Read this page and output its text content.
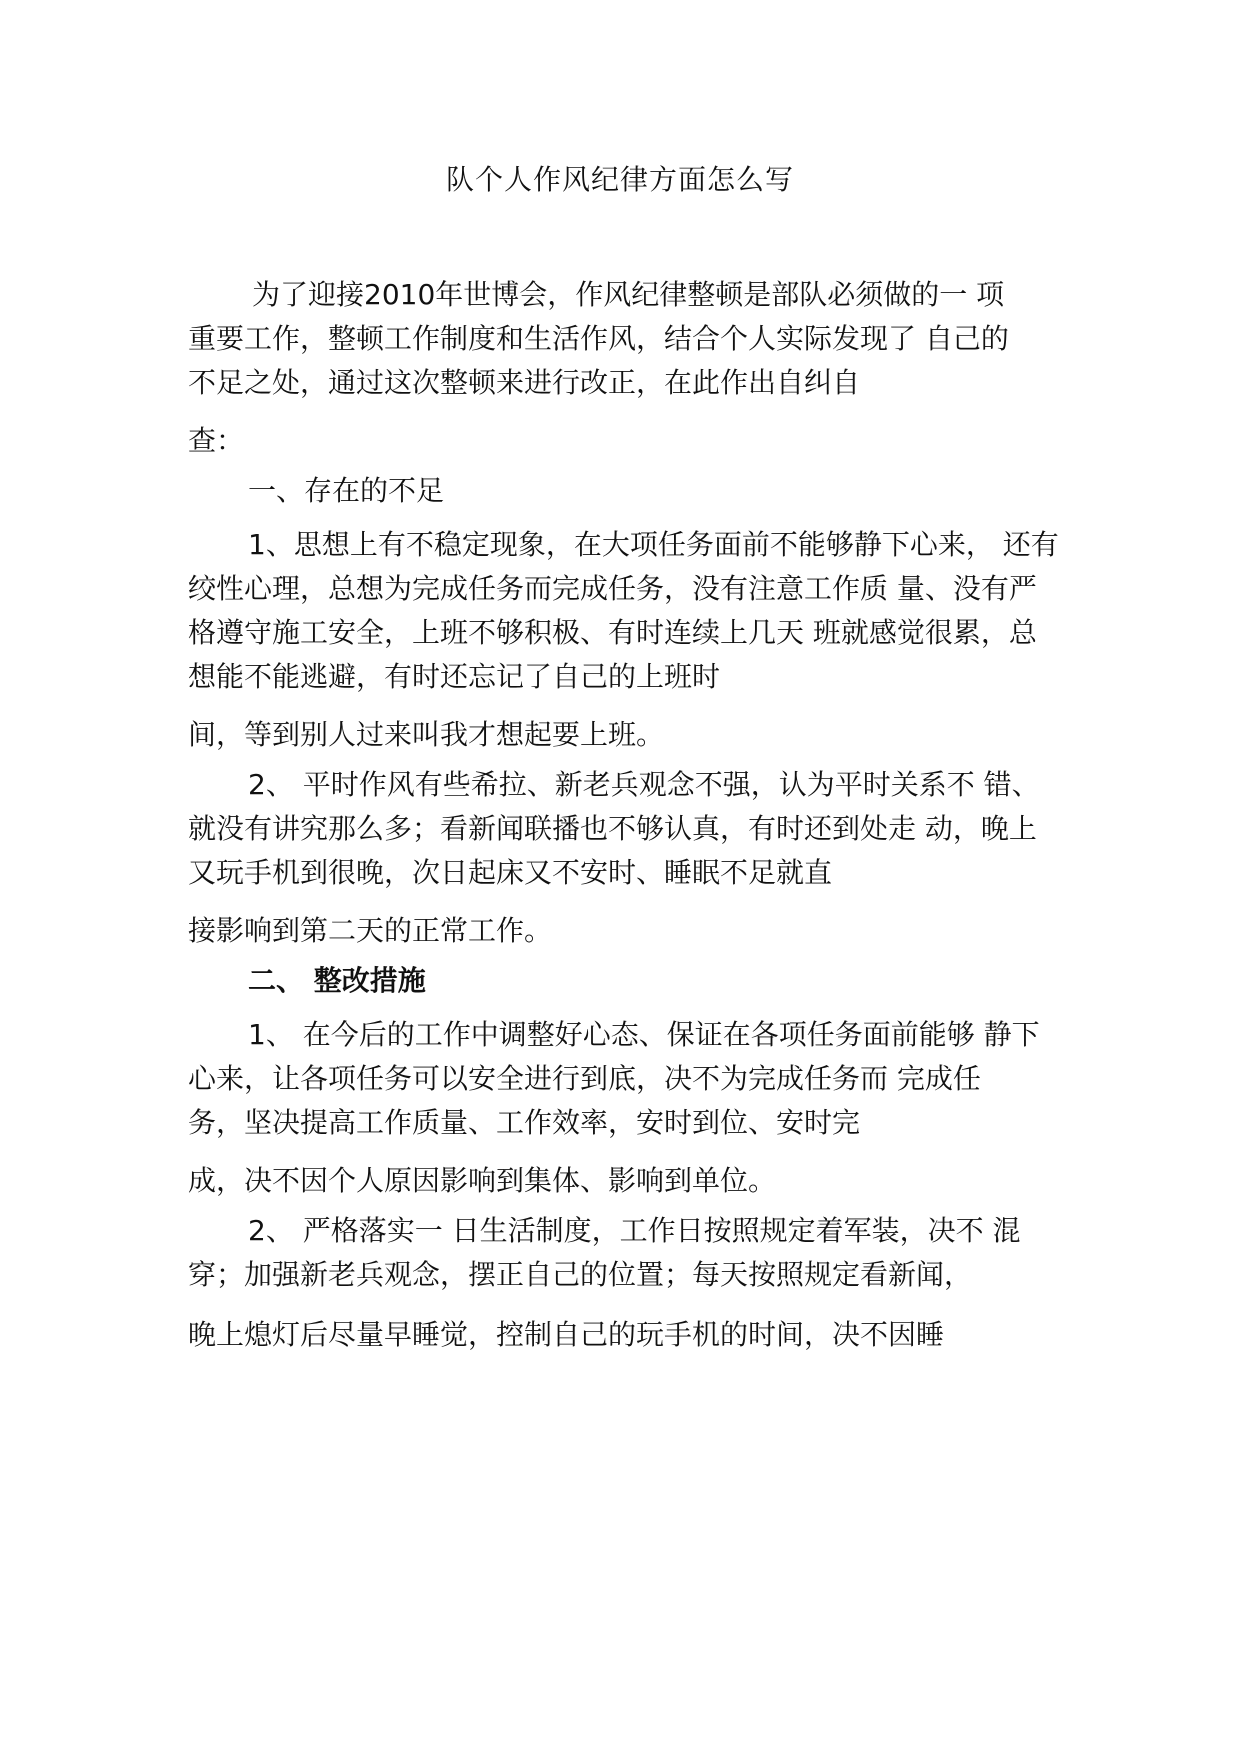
队个人作风纪律方面怎么写
为了迎接2010年世博会，作风纪律整顿是部队必须做的一 项
重要工作，整顿工作制度和生活作风，结合个人实际发现了 自己的
不足之处，通过这次整顿来进行改正，在此作出自纠自
查：
一、存在的不足
1、思想上有不稳定现象，在大项任务面前不能够静下心来， 还有
绞性心理，总想为完成任务而完成任务，没有注意工作质 量、没有严
格遵守施工安全，上班不够积极、有时连续上几天 班就感觉很累，总
想能不能逃避，有时还忘记了自己的上班时
间，等到别人过来叫我才想起要上班。
2、 平时作风有些希拉、新老兵观念不强，认为平时关系不 错、
就没有讲究那么多；看新闻联播也不够认真，有时还到处走 动，晚上
又玩手机到很晚，次日起床又不安时、睡眠不足就直
接影响到第二天的正常工作。
二、 整改措施
1、 在今后的工作中调整好心态、保证在各项任务面前能够 静下
心来，让各项任务可以安全进行到底，决不为完成任务而 完成任
务，坚决提高工作质量、工作效率，安时到位、安时完
成，决不因个人原因影响到集体、影响到单位。
2、 严格落实一 日生活制度，工作日按照规定着军装，决不 混
穿；加强新老兵观念，摆正自己的位置；每天按照规定看新闻，
晚上熄灯后尽量早睡觉，控制自己的玩手机的时间，决不因睡
